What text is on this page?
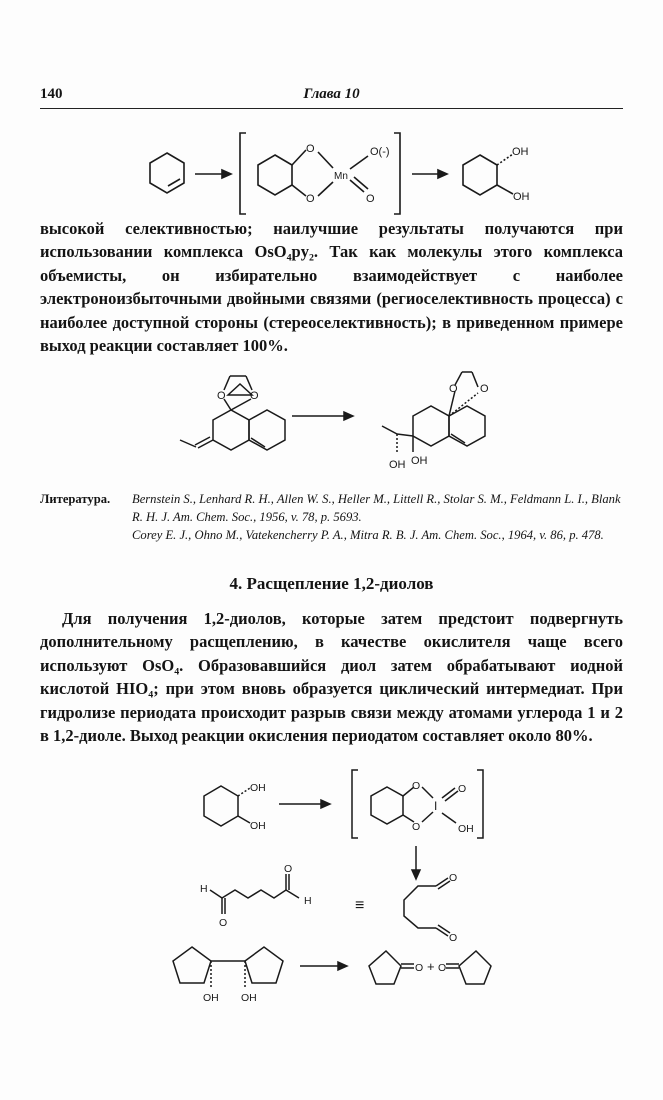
140	Глава 10
O
O
O(-)
Mn
O
OH
OH

высокой селективностью; наилучшие результаты получаются при использовании комплекса OsO₄py₂. Так как молекулы этого комплекса объемисты, он избирательно взаимодействует с наиболее электроноизбыточными двойными связями (региоселективность процесса) с наиболее доступной стороны (стереоселективность); в приведенном примере выход реакции составляет 100%.

O O
O O
OH OH
Литература. Bernstein S., Lenhard R. H., Allen W. S., Heller M., Littell R., Stolar S. M., Feldmann L. I., Blank R. H. J. Am. Chem. Soc., 1956, v. 78, p. 5693.

Corey E. J., Ohno M., Vatekencherry P. A., Mitra R. B. J. Am. Chem. Soc., 1964, v. 86, p. 478.

4. Расщепление 1,2-диолов

Для получения 1,2-диолов, которые затем предстоит подвергнуть дополнительному расщеплению, в качестве окислителя чаще всего используют OsO₄. Образовавшийся диол затем обрабатывают иодной кислотой HIO₄; при этом вновь образуется циклический интермедиат. При гидролизе периодата происходит разрыв связи между атомами углерода 1 и 2 в 1,2-диоле. Выход реакции окисления периодатом составляет около 80%.

OH
OH
O
O
I
O
OH
H
O
O
H	≡
O
O
OH OH
O + O
